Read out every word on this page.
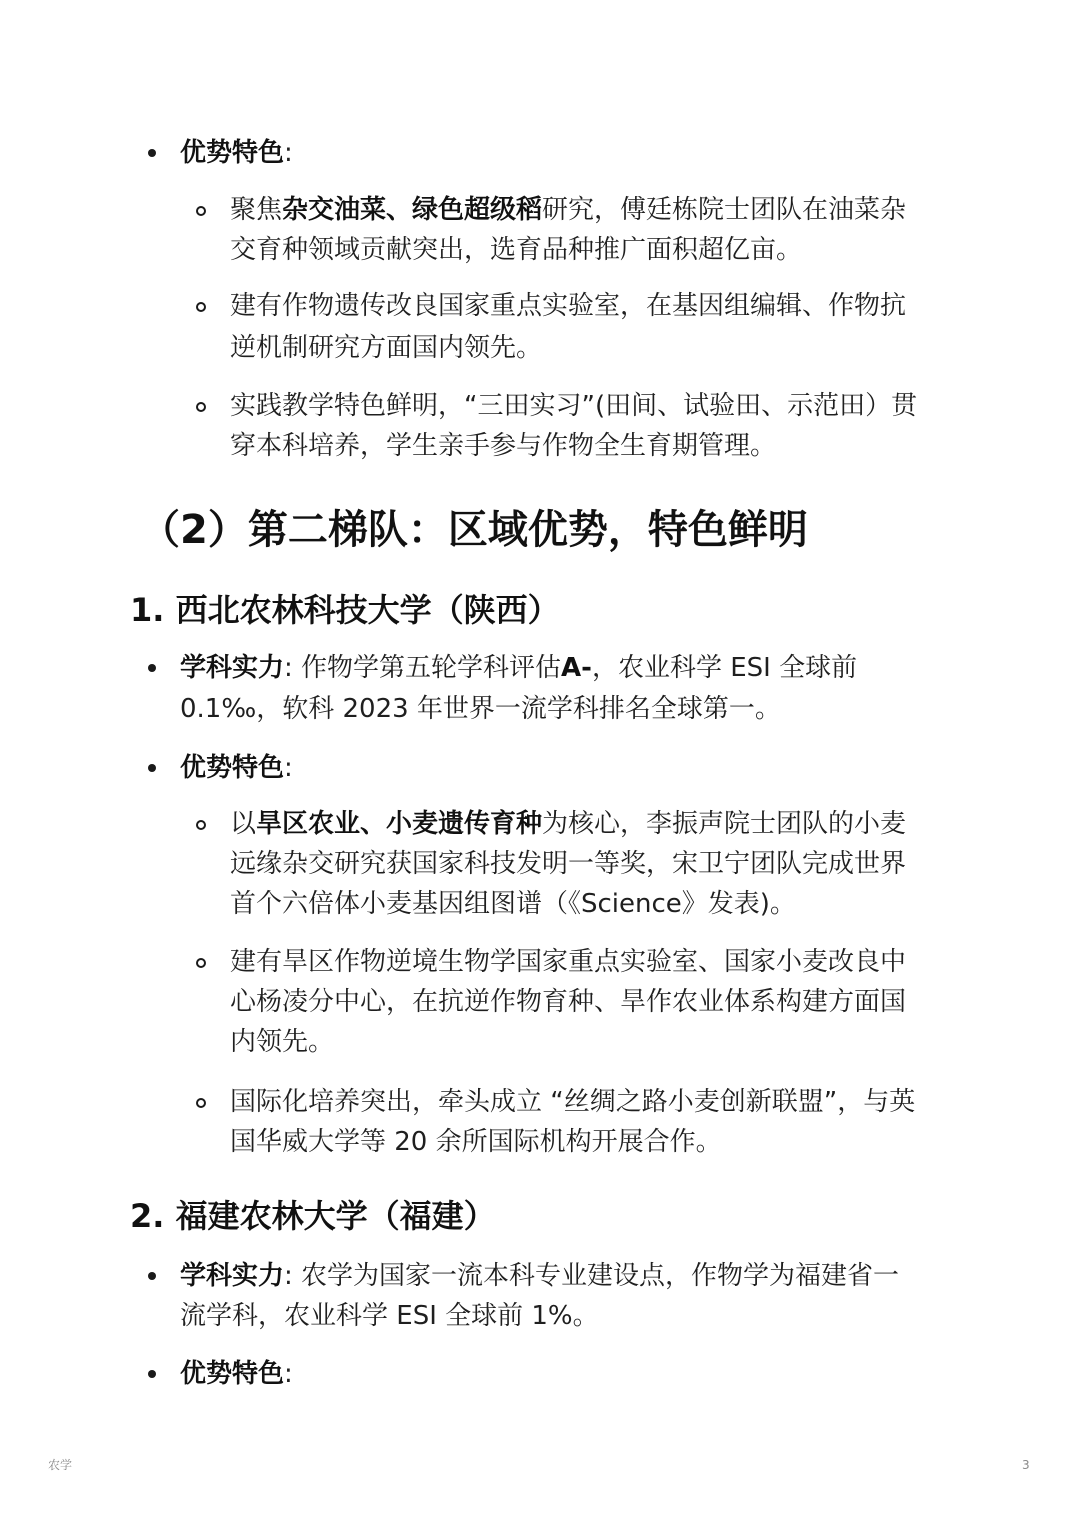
优势特色:
聚焦杂交油菜、绿色超级稻研究，傅廷栋院士团队在油菜杂
交育种领域贡献突出，选育品种推广面积超亿亩。
建有作物遗传改良国家重点实验室，在基因组编辑、作物抗
逆机制研究方面国内领先。
实践教学特色鲜明，“三田实习”(田间、试验田、示范田）贯
穿本科培养，学生亲手参与作物全生育期管理。
（2）第二梯队：区域优势，特色鲜明
1. 西北农林科技大学（陕西）
学科实力: 作物学第五轮学科评估A-，农业科学 ESI 全球前
0.1‰，软科 2023 年世界一流学科排名全球第一。
优势特色:
以旱区农业、小麦遗传育种为核心，李振声院士团队的小麦
远缘杂交研究获国家科技发明一等奖，宋卫宁团队完成世界
首个六倍体小麦基因组图谱（《Science》发表)。
建有旱区作物逆境生物学国家重点实验室、国家小麦改良中
心杨凌分中心，在抗逆作物育种、旱作农业体系构建方面国
内领先。
国际化培养突出，牵头成立 “丝绸之路小麦创新联盟”，与英
国华威大学等 20 余所国际机构开展合作。
2. 福建农林大学（福建）
学科实力: 农学为国家一流本科专业建设点，作物学为福建省一
流学科，农业科学 ESI 全球前 1%。
优势特色:
农学	3
